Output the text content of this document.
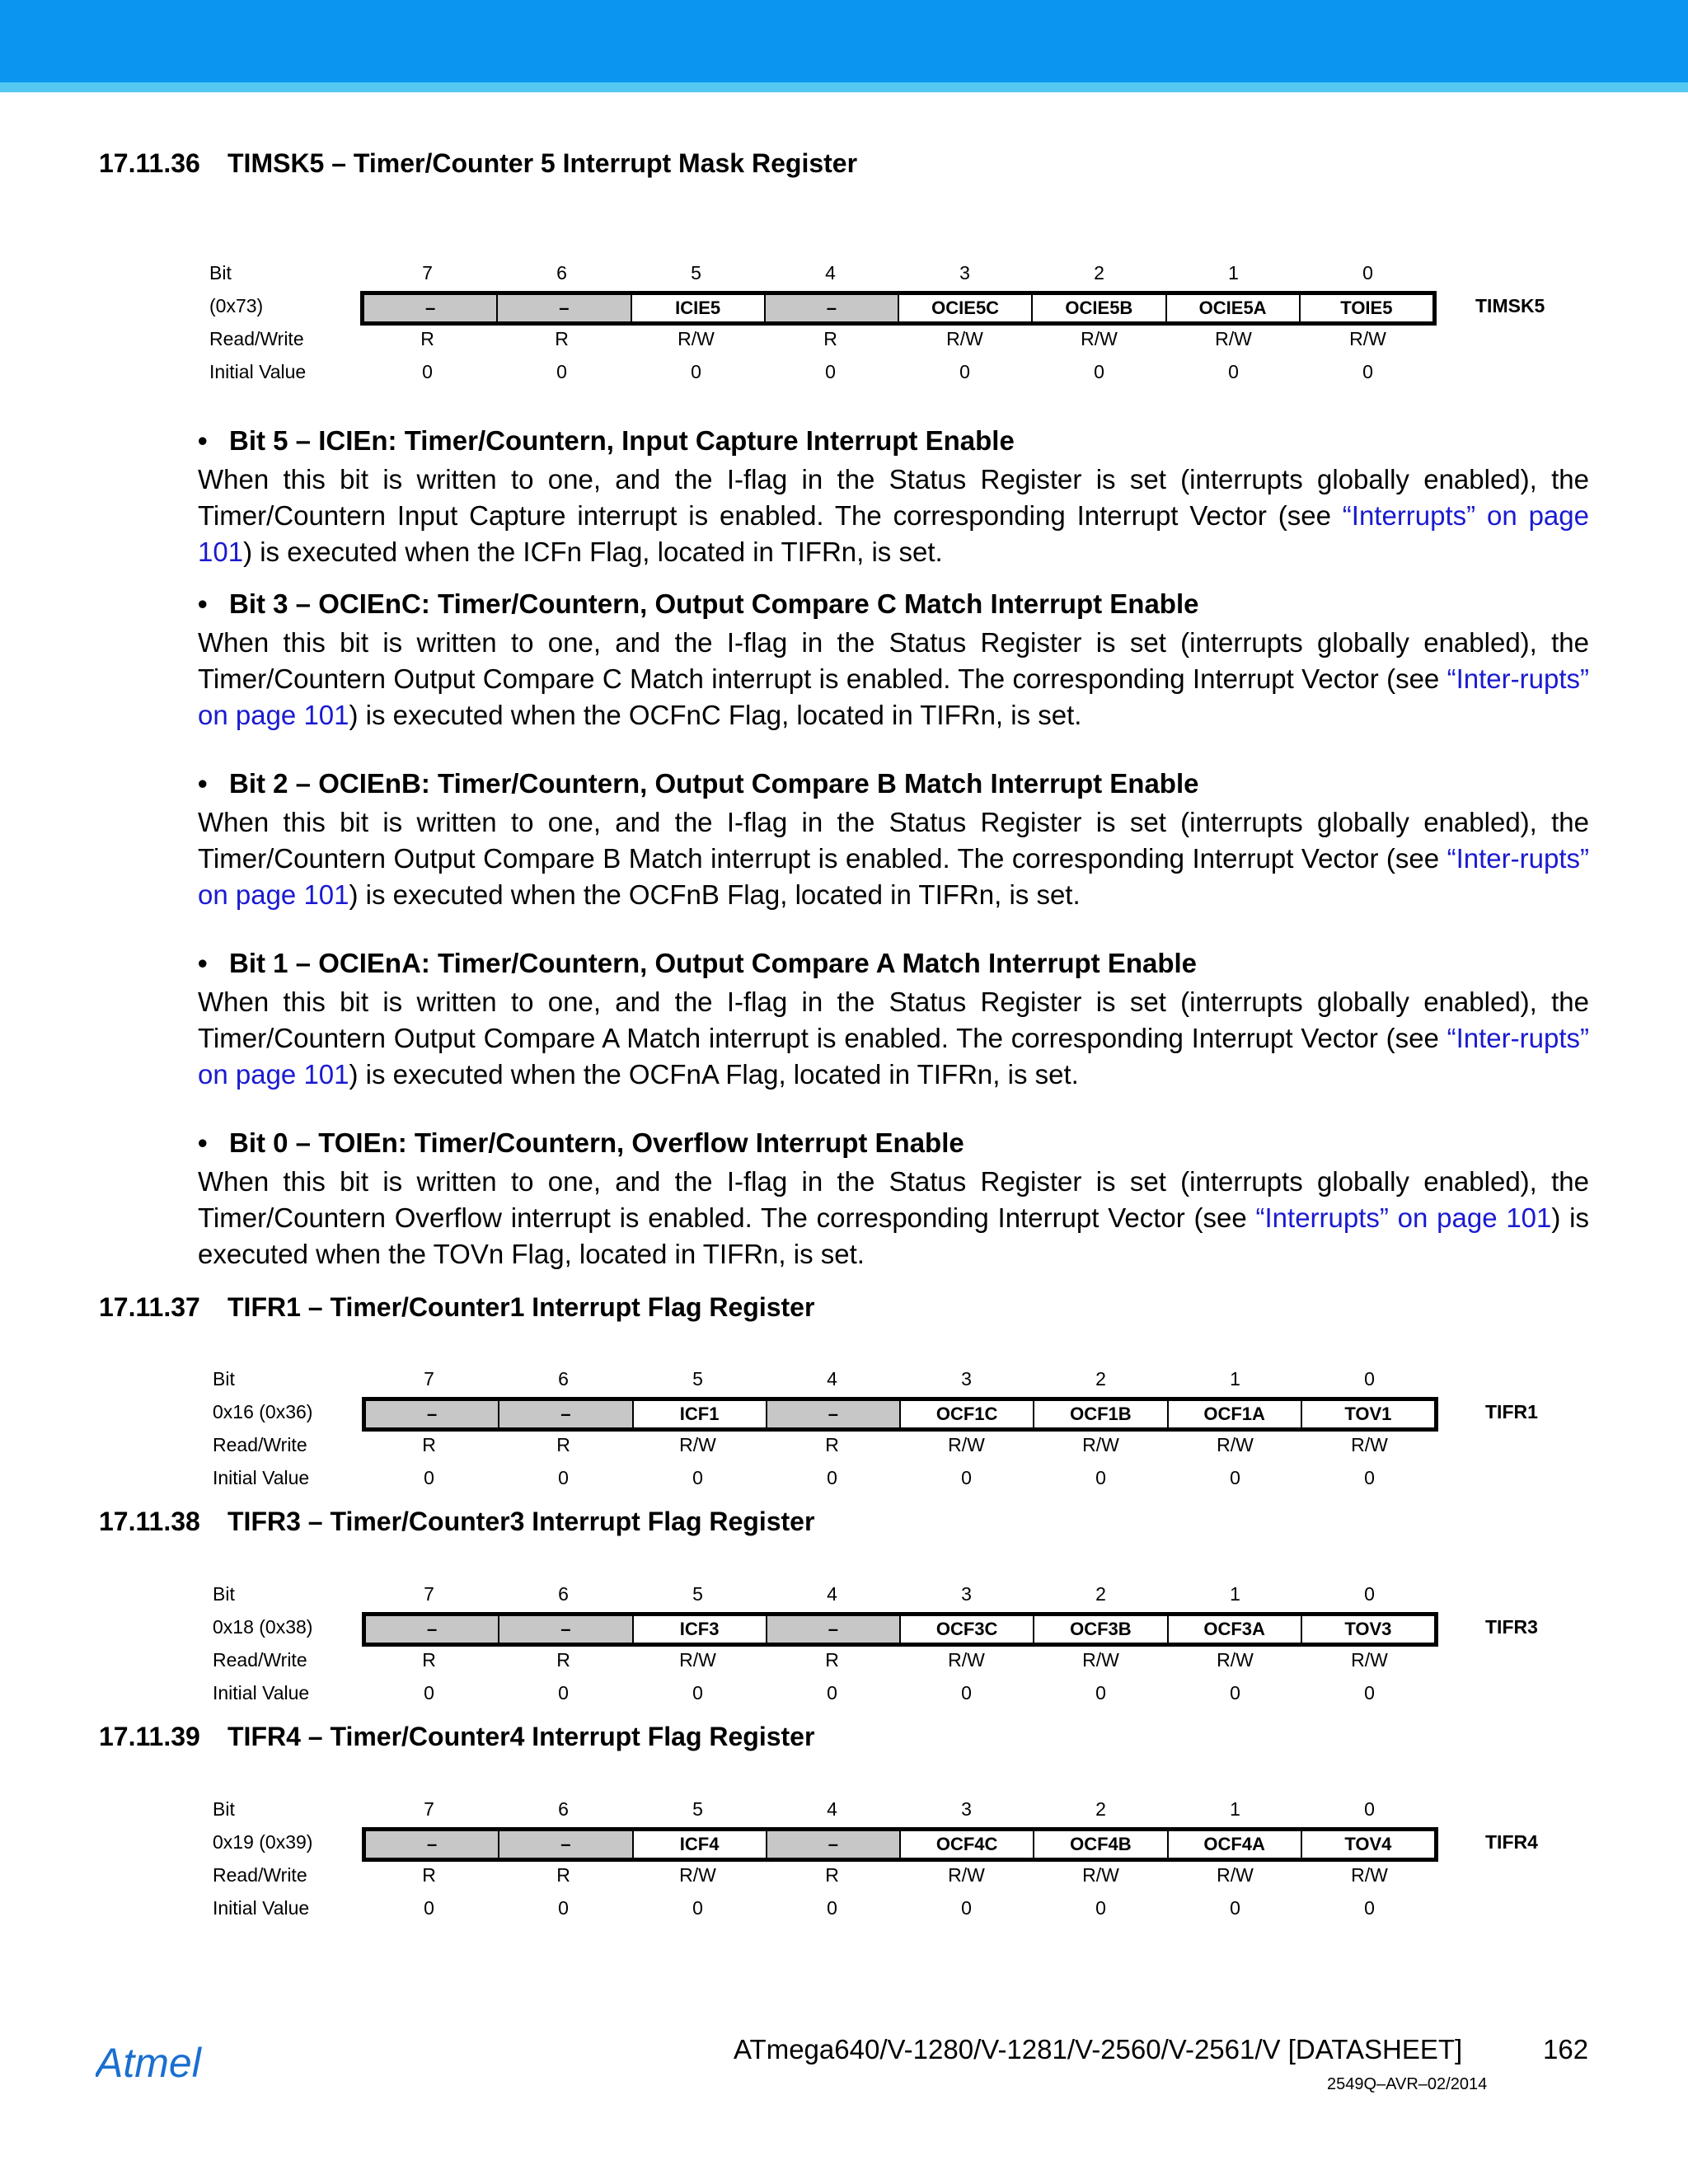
17.11.36 TIMSK5 – Timer/Counter 5 Interrupt Mask Register
Bit	7	6	5	4	3	2	1	0
(0x73)	–	–	ICIE5	–	OCIE5C	OCIE5B	OCIE5A	TOIE5	TIMSK5
Read/Write	R	R	R/W	R	R/W	R/W	R/W	R/W
Initial Value	0	0	0	0	0	0	0	0

• Bit 5 – ICIEn: Timer/Countern, Input Capture Interrupt Enable

When this bit is written to one, and the I-flag in the Status Register is set (interrupts globally enabled), the Timer/Countern Input Capture interrupt is enabled. The corresponding Interrupt Vector (see “Interrupts” on page 101) is executed when the ICFn Flag, located in TIFRn, is set.

• Bit 3 – OCIEnC: Timer/Countern, Output Compare C Match Interrupt Enable

When this bit is written to one, and the I-flag in the Status Register is set (interrupts globally enabled), the Timer/Countern Output Compare C Match interrupt is enabled. The corresponding Interrupt Vector (see “Inter-rupts” on page 101) is executed when the OCFnC Flag, located in TIFRn, is set.

• Bit 2 – OCIEnB: Timer/Countern, Output Compare B Match Interrupt Enable

When this bit is written to one, and the I-flag in the Status Register is set (interrupts globally enabled), the Timer/Countern Output Compare B Match interrupt is enabled. The corresponding Interrupt Vector (see “Inter-rupts” on page 101) is executed when the OCFnB Flag, located in TIFRn, is set.

• Bit 1 – OCIEnA: Timer/Countern, Output Compare A Match Interrupt Enable

When this bit is written to one, and the I-flag in the Status Register is set (interrupts globally enabled), the Timer/Countern Output Compare A Match interrupt is enabled. The corresponding Interrupt Vector (see “Inter-rupts” on page 101) is executed when the OCFnA Flag, located in TIFRn, is set.

• Bit 0 – TOIEn: Timer/Countern, Overflow Interrupt Enable

When this bit is written to one, and the I-flag in the Status Register is set (interrupts globally enabled), the Timer/Countern Overflow interrupt is enabled. The corresponding Interrupt Vector (see “Interrupts” on page 101) is executed when the TOVn Flag, located in TIFRn, is set.

17.11.37 TIFR1 – Timer/Counter1 Interrupt Flag Register
Bit	7	6	5	4	3	2	1	0
0x16 (0x36)	–	–	ICF1	–	OCF1C	OCF1B	OCF1A	TOV1	TIFR1
Read/Write	R	R	R/W	R	R/W	R/W	R/W	R/W
Initial Value	0	0	0	0	0	0	0	0
17.11.38 TIFR3 – Timer/Counter3 Interrupt Flag Register
Bit	7	6	5	4	3	2	1	0
0x18 (0x38)	–	–	ICF3	–	OCF3C	OCF3B	OCF3A	TOV3	TIFR3
Read/Write	R	R	R/W	R	R/W	R/W	R/W	R/W
Initial Value	0	0	0	0	0	0	0	0
17.11.39 TIFR4 – Timer/Counter4 Interrupt Flag Register
Bit	7	6	5	4	3	2	1	0
0x19 (0x39)	–	–	ICF4	–	OCF4C	OCF4B	OCF4A	TOV4	TIFR4
Read/Write	R	R	R/W	R	R/W	R/W	R/W	R/W
Initial Value	0	0	0	0	0	0	0	0
Atmel	ATmega640/V-1280/V-1281/V-2560/V-2561/V [DATASHEET]	162
2549Q–AVR–02/2014
